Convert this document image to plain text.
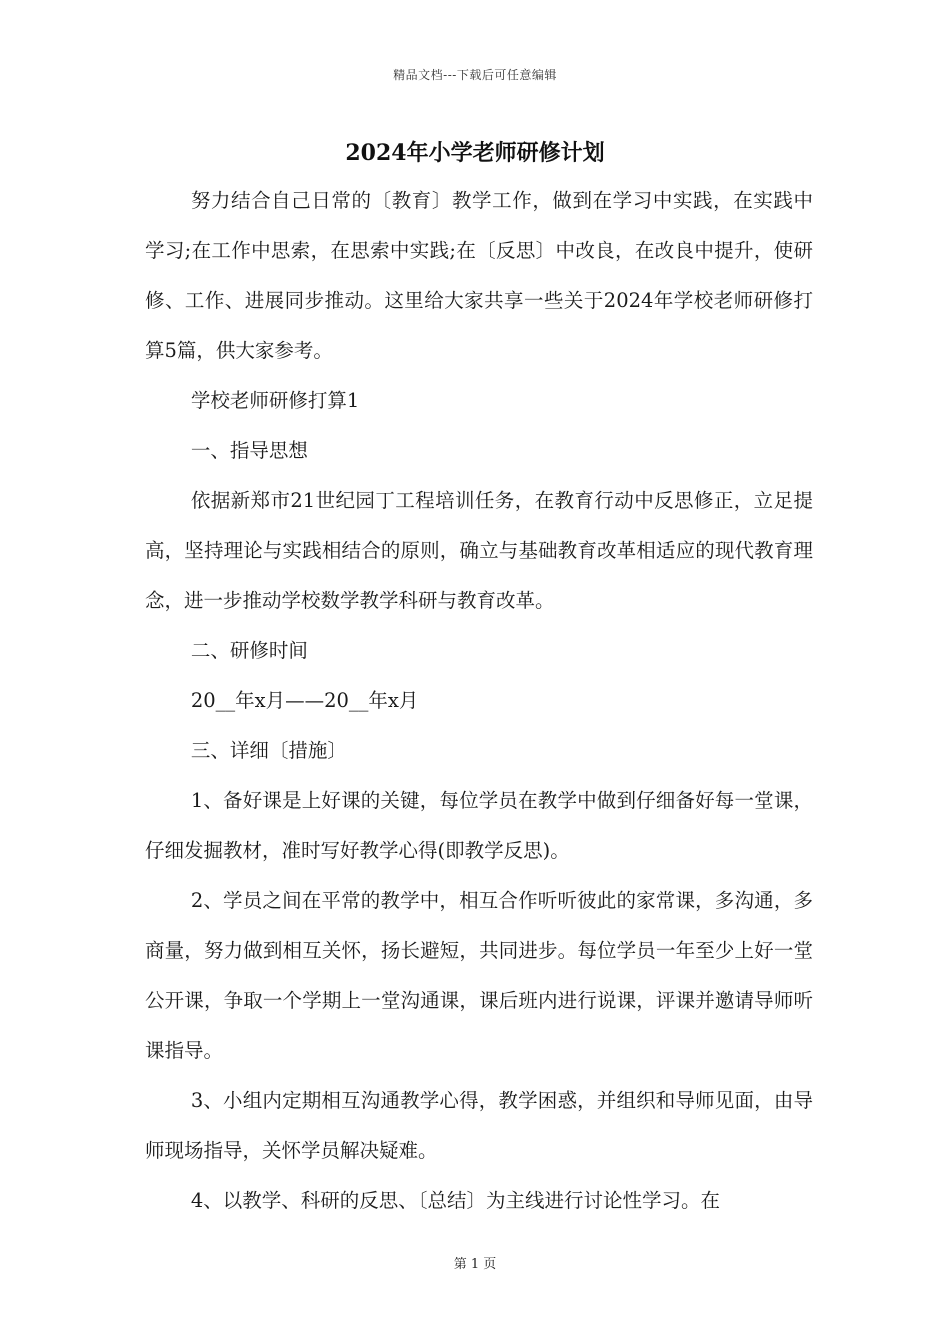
精品文档---下载后可任意编辑
2024年小学老师研修计划

努力结合自己日常的〔教育〕教学工作，做到在学习中实践，在实践中学习;在工作中思索，在思索中实践;在〔反思〕中改良，在改良中提升，使研修、工作、进展同步推动。这里给大家共享一些关于2024年学校老师研修打算5篇，供大家参考。

学校老师研修打算1

一、指导思想

依据新郑市21世纪园丁工程培训任务，在教育行动中反思修正，立足提高，坚持理论与实践相结合的原则，确立与基础教育改革相适应的现代教育理念，进一步推动学校数学教学科研与教育改革。

二、研修时间

20__年x月——20__年x月

三、详细〔措施〕

1、备好课是上好课的关键，每位学员在教学中做到仔细备好每一堂课，仔细发掘教材，准时写好教学心得(即教学反思)。

2、学员之间在平常的教学中，相互合作听听彼此的家常课，多沟通，多商量，努力做到相互关怀，扬长避短，共同进步。每位学员一年至少上好一堂公开课，争取一个学期上一堂沟通课，课后班内进行说课，评课并邀请导师听课指导。

3、小组内定期相互沟通教学心得，教学困惑，并组织和导师见面，由导师现场指导，关怀学员解决疑难。

4、以教学、科研的反思、〔总结〕为主线进行讨论性学习。在

第 1 页
